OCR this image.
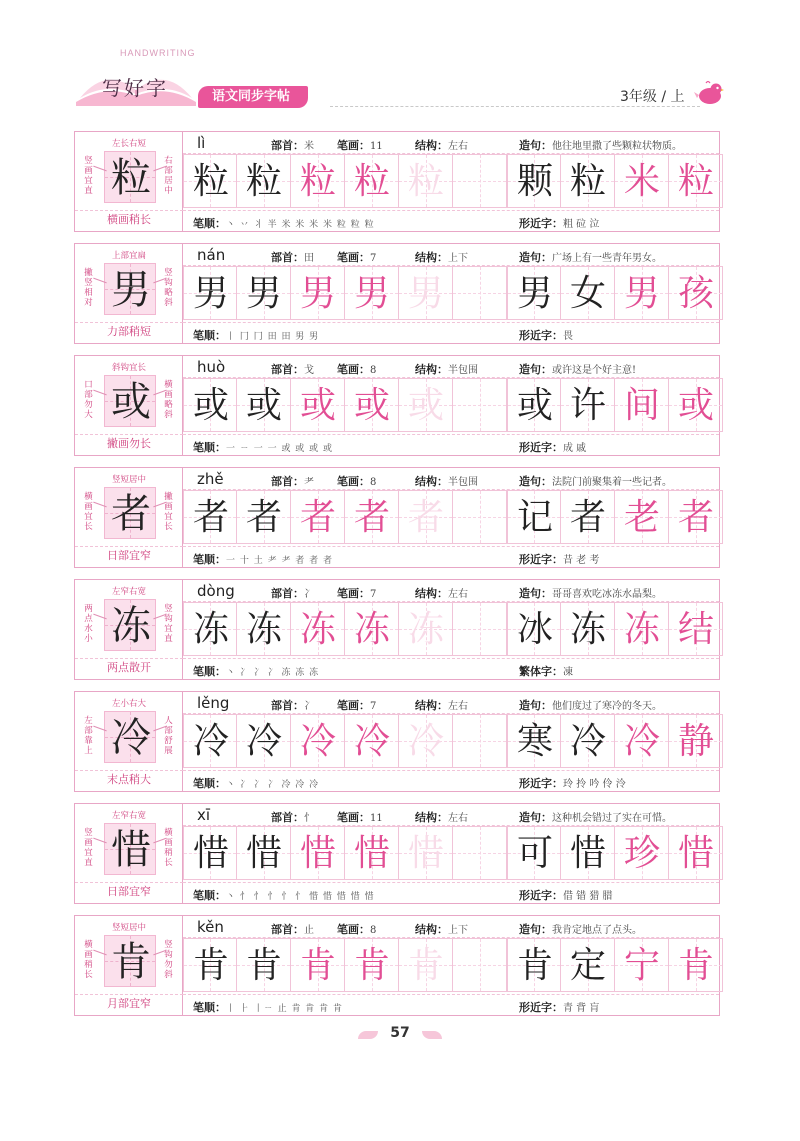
HANDWRITING
写好字	语文同步字帖	3年级 / 上
左长右短
竖画宜直
右部居中
横画稍长
粒
lì	部首：米 笔画：11	结构：左右	造句：他往地里撒了些颗粒状物质。
粒 粒 粒 粒 粒 颗 粒 米 粒
笔顺：丶 丷 丬 半 米 米 米 米 粒 粒 粒	形近字：粗 砬 泣
上部宜扁
撇竖相对
竖钩略斜
力部稍短
男
nán	部首：田 笔画：7	结构：上下	造句：广场上有一些青年男女。
男 男 男 男 男 男 女 男 孩
笔顺：丨 冂 冂 田 田 男 男	形近字：畏
斜钩宜长
口部勿大
横画略斜
撇画勿长
或
huò	部首：戈 笔画：8	结构：半包围	造句：或许这是个好主意!
或 或 或 或 或 或 许 间 或
笔顺：一 ㄧ 一 一 或 或 或 或	形近字：成 戚
竖短居中
横画宜长
撇画宜长
日部宜窄
者
zhě	部首：耂 笔画：8	结构：半包围	造句：法院门前聚集着一些记者。
者 者 者 者 者 记 者 老 者
笔顺：一 十 土 耂 耂 者 者 者	形近字：昔 老 考
左窄右宽
两点水小
竖钩宜直
两点散开
冻
dòng	部首：冫 笔画：7	结构：左右	造句：哥哥喜欢吃冰冻水晶梨。
冻 冻 冻 冻 冻 冰 冻 冻 结
笔顺：丶 冫 冫 冫 冻 冻 冻	繁体字：凍
左小右大
左部靠上
人部舒展
末点稍大
冷
lěng	部首：冫 笔画：7	结构：左右	造句：他们度过了寒冷的冬天。
冷 冷 冷 冷 冷 寒 冷 冷 静
笔顺：丶 冫 冫 冫 冷 冷 冷	形近字：玲 拎 吟 伶 泠
左窄右宽
竖画宜直
横画稍长
日部宜窄
惜
xī	部首：忄 笔画：11	结构：左右	造句：这种机会错过了实在可惜。
惜 惜 惜 惜 惜 可 惜 珍 惜
笔顺：丶 忄 忄 忄 忄 忄 惜 惜 惜 惜 惜	形近字：借 错 猎 腊
竖短居中
横画稍长
竖钩勿斜
月部宜窄
肯
kěn	部首：止 笔画：8	结构：上下	造句：我肯定地点了点头。
肯 肯 肯 肯 肯 肯 定 宁 肯
笔顺：丨 ⺊ 丨ㄧ 止 肯 肯 肯 肯	形近字：青 背 肓
57
